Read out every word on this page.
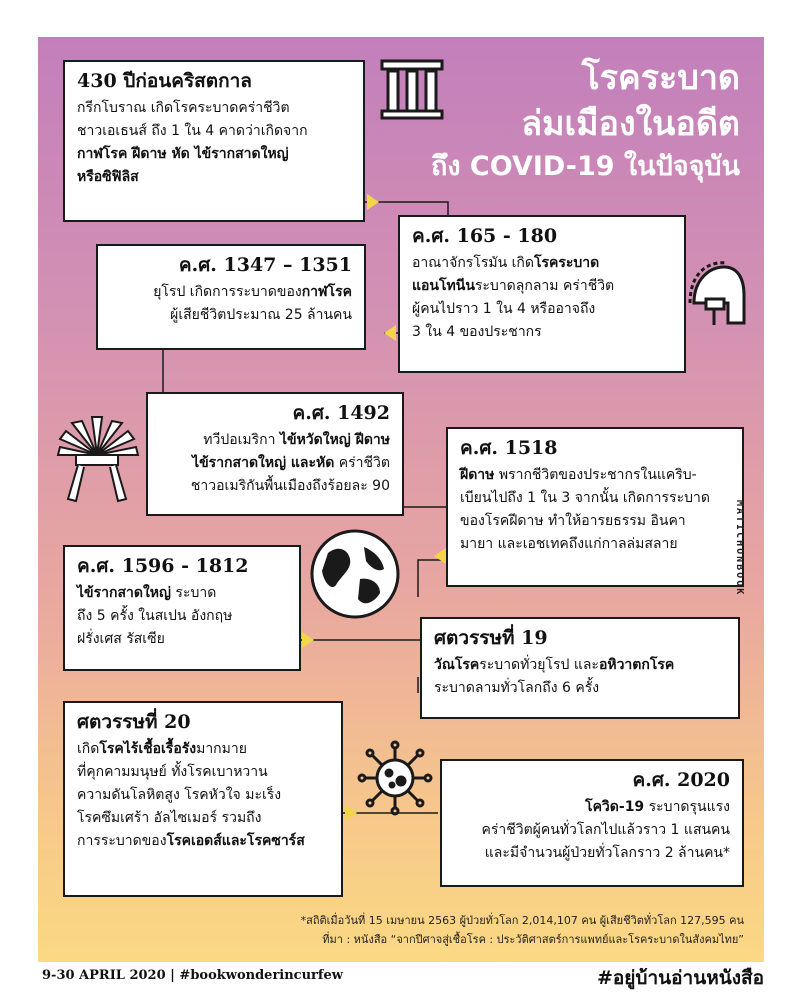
โรคระบาด
ล่มเมืองในอดีต
ถึง COVID-19 ในปัจจุบัน
430 ปีก่อนคริสตกาล

กรีกโบราณ เกิดโรคระบาดคร่าชีวิต

ชาวเอเธนส์ ถึง 1 ใน 4 คาดว่าเกิดจาก

กาฬโรค ฝีดาษ หัด ไข้รากสาดใหญ่

หรือซิฟิลิส

ค.ศ. 165 - 180

อาณาจักรโรมัน เกิดโรคระบาด

แอนโทนีนระบาดลุกลาม คร่าชีวิต

ผู้คนไปราว 1 ใน 4 หรืออาจถึง

3 ใน 4 ของประชากร

ค.ศ. 1347 – 1351

ยุโรป เกิดการระบาดของกาฬโรค

ผู้เสียชีวิตประมาณ 25 ล้านคน

ค.ศ. 1492

ทวีปอเมริกา ไข้หวัดใหญ่ ฝีดาษ

ไข้รากสาดใหญ่ และหัด คร่าชีวิต

ชาวอเมริกันพื้นเมืองถึงร้อยละ 90

ค.ศ. 1518

ฝีดาษ พรากชีวิตของประชากรในแคริบ-

เบียนไปถึง 1 ใน 3 จากนั้น เกิดการระบาด

ของโรคฝีดาษ ทำให้อารยธรรม อินคา

มายา และเอชเทคถึงแก่กาลล่มสลาย

ค.ศ. 1596 - 1812

ไข้รากสาดใหญ่ ระบาด

ถึง 5 ครั้ง ในสเปน อังกฤษ

ฝรั่งเศส รัสเซีย	ศตวรรษที่ 19

วัณโรคระบาดทั่วยุโรป และอหิวาตกโรค

ระบาดลามทั่วโลกถึง 6 ครั้ง

ศตวรรษที่ 20

เกิดโรคไร้เชื้อเรื้อรังมากมาย

ที่คุกคามมนุษย์ ทั้งโรคเบาหวาน

ความดันโลหิตสูง โรคหัวใจ มะเร็ง

โรคซึมเศร้า อัลไซเมอร์ รวมถึง

การระบาดของโรคเอดส์และโรคซาร์ส

ค.ศ. 2020

โควิด-19 ระบาดรุนแรง

คร่าชีวิตผู้คนทั่วโลกไปแล้วราว 1 แสนคน

และมีจำนวนผู้ป่วยทั่วโลกราว 2 ล้านคน*

*สถิติเมื่อวันที่ 15 เมษายน 2563 ผู้ป่วยทั่วโลก 2,014,107 คน ผู้เสียชีวิตทั่วโลก 127,595 คน
ที่มา : หนังสือ “จากปีศาจสู่เชื้อโรค : ประวัติศาสตร์การแพทย์และโรคระบาดในสังคมไทย”
MATICHONBOOK
9-30 APRIL 2020 | #bookwonderincurfew	#อยู่บ้านอ่านหนังสือ
